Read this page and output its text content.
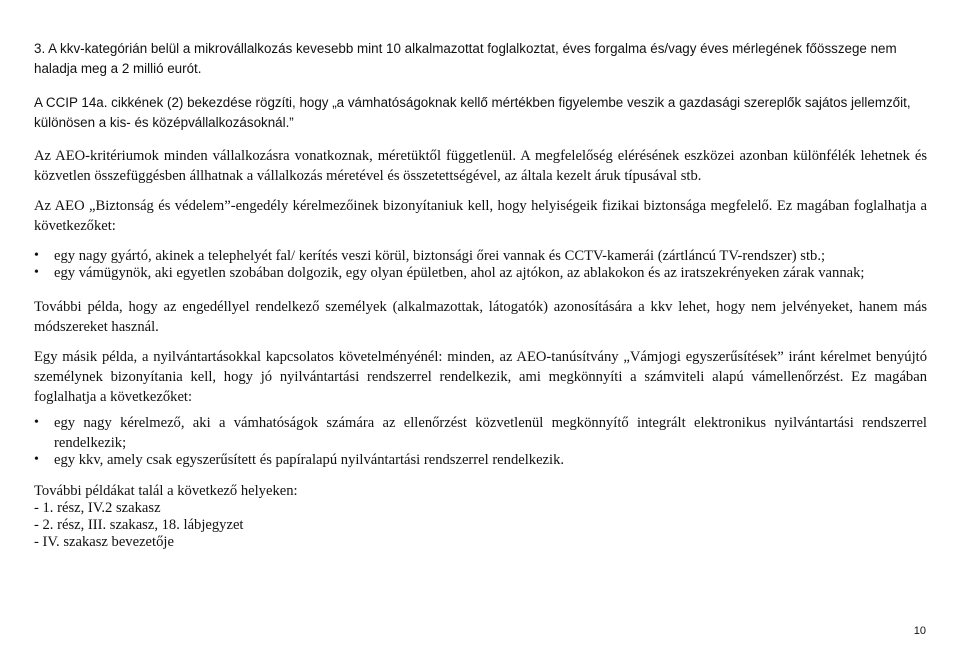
3. A kkv-kategórián belül a mikrovállalkozás kevesebb mint 10 alkalmazottat foglalkoztat, éves forgalma és/vagy éves mérlegének főösszege nem
haladja meg a 2 millió eurót.

A CCIP 14a. cikkének (2) bekezdése rögzíti, hogy „a vámhatóságoknak kellő mértékben figyelembe veszik a gazdasági szereplők sajátos jellemzőit, különösen a kis- és középvállalkozásoknál.”

Az AEO-kritériumok minden vállalkozásra vonatkoznak, méretüktől függetlenül. A megfelelőség elérésének eszközei azonban különfélék lehetnek és közvetlen összefüggésben állhatnak a vállalkozás méretével és összetettségével, az általa kezelt áruk típusával stb.

Az AEO „Biztonság és védelem”-engedély kérelmezőinek bizonyítaniuk kell, hogy helyiségeik fizikai biztonsága megfelelő. Ez magában foglalhatja a következőket:

•	egy nagy gyártó, akinek a telephelyét fal/ kerítés veszi körül, biztonsági őrei vannak és CCTV-kamerái (zártláncú TV-rendszer) stb.;
•	egy vámügynök, aki egyetlen szobában dolgozik, egy olyan épületben, ahol az ajtókon, az ablakokon és az iratszekrényeken zárak vannak;

További példa, hogy az engedéllyel rendelkező személyek (alkalmazottak, látogatók) azonosítására a kkv lehet, hogy nem jelvényeket, hanem más módszereket használ.

Egy másik példa, a nyilvántartásokkal kapcsolatos követelményénél: minden, az AEO-tanúsítvány „Vámjogi egyszerűsítések” iránt kérelmet benyújtó személynek bizonyítania kell, hogy jó nyilvántartási rendszerrel rendelkezik, ami megkönnyíti a számviteli alapú vámellenőrzést. Ez magában foglalhatja a következőket:

•	egy nagy kérelmező, aki a vámhatóságok számára az ellenőrzést közvetlenül megkönnyítő integrált elektronikus nyilvántartási rendszerrel rendelkezik;
•	egy kkv, amely csak egyszerűsített és papíralapú nyilvántartási rendszerrel rendelkezik.
További példákat talál a következő helyeken:
- 1. rész, IV.2 szakasz
- 2. rész, III. szakasz, 18. lábjegyzet
- IV. szakasz bevezetője
10
